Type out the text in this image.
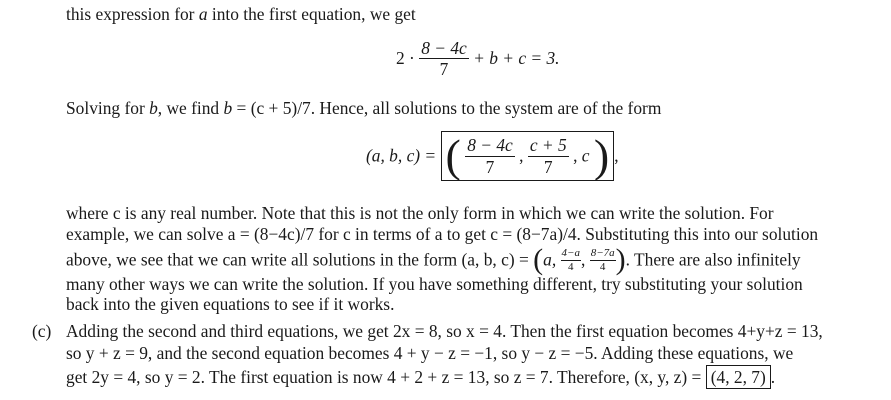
this expression for a into the first equation, we get
$2 \cdot \frac{8 - 4c}{7} + b + c = 3$.
Solving for b, we find b = (c + 5)/7. Hence, all solutions to the system are of the form
(a, b, c) = ( $\frac{8 - 4c}{7}$ , $\frac{c + 5}{7}$ , c ) ,
where c is any real number. Note that this is not the only form in which we can write the solution. For
example, we can solve a = (8−4c)/7 for c in terms of a to get c = (8−7a)/4. Substituting this into our solution
above, we see that we can write all solutions in the form (a, b, c) = (a, $\frac{4-a}{4}$ , $\frac{8-7a}{4}$ ). There are also infinitely
many other ways we can write the solution. If you have something different, try substituting your solution
back into the given equations to see if it works.
(c) Adding the second and third equations, we get 2x = 8, so x = 4. Then the first equation becomes 4+y+z = 13,
so y + z = 9, and the second equation becomes 4 + y − z = −1, so y − z = −5. Adding these equations, we
get 2y = 4, so y = 2. The first equation is now 4 + 2 + z = 13, so z = 7. Therefore, (x, y, z) = (4, 2, 7) .
